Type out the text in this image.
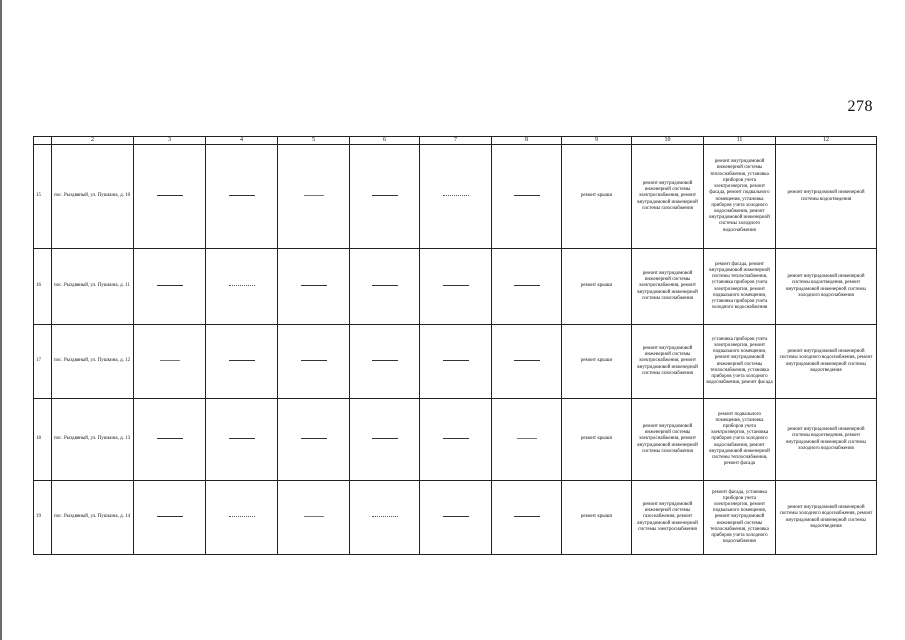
278
	2	3	4	5	6	7	8	9	10	11	12
15	пос. Рыздвяный, ул. Пушкина, д. 10							ремонт крыши	ремонт внутридомовой инженерной системы электроснабжения, ремонт внутридомовой инженерной системы газоснабжения	ремонт внутридомовой инженерной системы теплоснабжения, установка приборов учета электроэнергии, ремонт фасада, ремонт подвального помещения, установка приборов учета холодного водоснабжения, ремонт внутридомовой инженерной системы холодного водоснабжения	ремонт внутридомовой инженерной системы водоотведения
16	пос. Рыздвяный, ул. Пушкина, д. 11							ремонт крыши	ремонт внутридомовой инженерной системы электроснабжения, ремонт внутридомовой инженерной системы газоснабжения	ремонт фасада, ремонт внутридомовой инженерной системы теплоснабжения, установка приборов учета электроэнергии, ремонт подвального помещения, установка приборов учета холодного водоснабжения	ремонт внутридомовой инженерной системы водоотведения, ремонт внутридомовой инженерной системы холодного водоснабжения
17	пос. Рыздвяный, ул. Пушкина, д. 12							ремонт крыши	ремонт внутридомовой инженерной системы электроснабжения, ремонт внутридомовой инженерной системы газоснабжения	установка приборов учета электроэнергии, ремонт подвального помещения, ремонт внутридомовой инженерной системы теплоснабжения, установка приборов учета холодного водоснабжения, ремонт фасада	ремонт внутридомовой инженерной системы холодного водоснабжения, ремонт внутридомовой инженерной системы водоотведения
18	пос. Рыздвяный, ул. Пушкина, д. 13							ремонт крыши	ремонт внутридомовой инженерной системы электроснабжения, ремонт внутридомовой инженерной системы газоснабжения	ремонт подвального помещения, установка приборов учета электроэнергии, установка приборов учета холодного водоснабжения, ремонт внутридомовой инженерной системы теплоснабжения, ремонт фасада	ремонт внутридомовой инженерной системы водоотведения, ремонт внутридомовой инженерной системы холодного водоснабжения
19	пос. Рыздвяный, ул. Пушкина, д. 14							ремонт крыши	ремонт внутридомовой инженерной системы газоснабжения, ремонт внутридомовой инженерной системы электроснабжения	ремонт фасада, установка приборов учета электроэнергии, ремонт подвального помещения, ремонт внутридомовой инженерной системы теплоснабжения, установка приборов учета холодного водоснабжения	ремонт внутридомовой инженерной системы холодного водоснабжения, ремонт внутридомовой инженерной системы водоотведения
